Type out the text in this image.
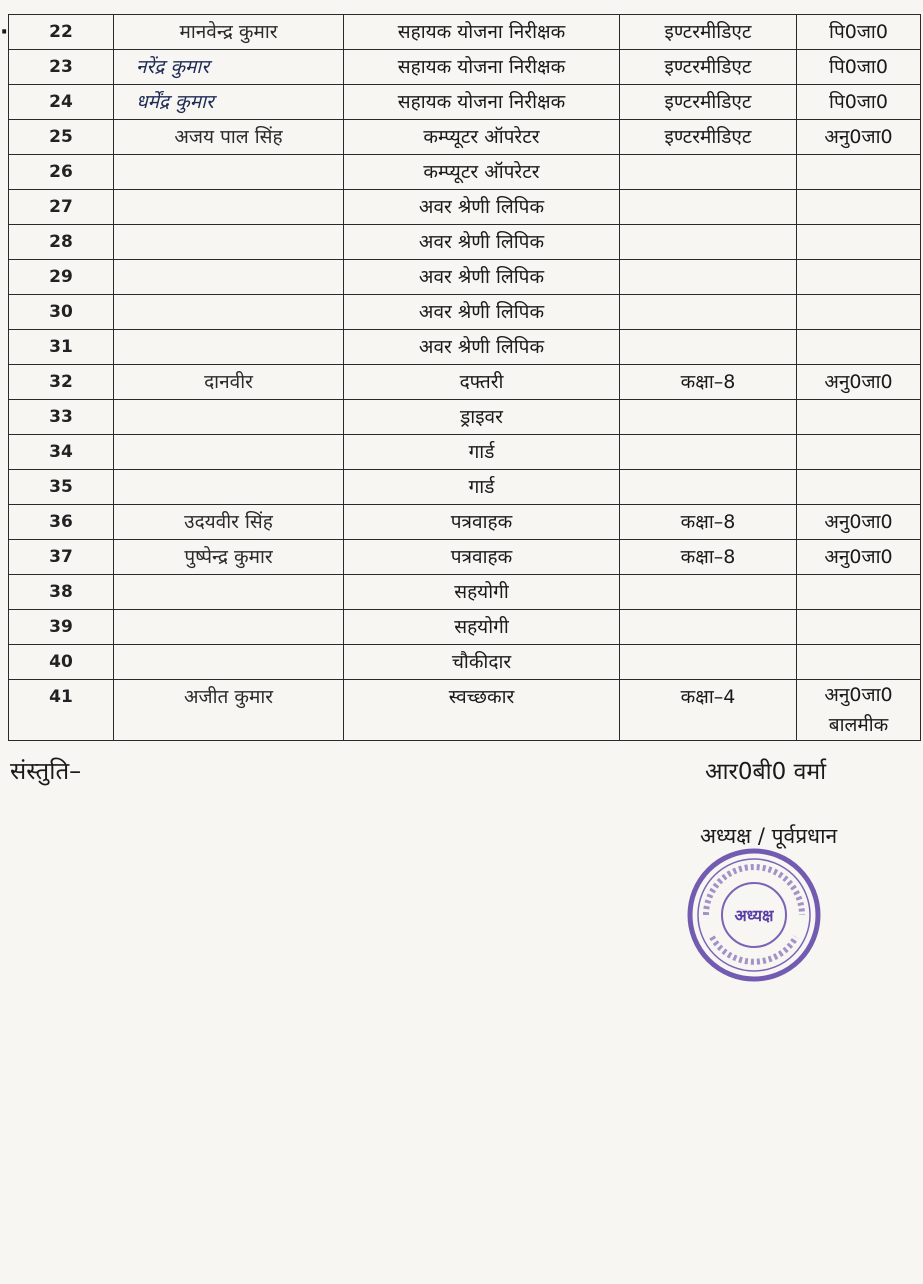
· 22	मानवेन्द्र कुमार	सहायक योजना निरीक्षक	इण्टरमीडिएट	पि0जा0
23	नरेंद्र कुमार	सहायक योजना निरीक्षक	इण्टरमीडिएट	पि0जा0
24	धर्मेंद्र कुमार	सहायक योजना निरीक्षक	इण्टरमीडिएट	पि0जा0
25	अजय पाल सिंह	कम्प्यूटर ऑपरेटर	इण्टरमीडिएट	अनु0जा0
26		कम्प्यूटर ऑपरेटर		
27		अवर श्रेणी लिपिक		
28		अवर श्रेणी लिपिक		
29		अवर श्रेणी लिपिक		
30		अवर श्रेणी लिपिक		
31		अवर श्रेणी लिपिक		
32	दानवीर	दफ्तरी	कक्षा–8	अनु0जा0
33		ड्राइवर		
34		गार्ड		
35		गार्ड		
36	उदयवीर सिंह	पत्रवाहक	कक्षा–8	अनु0जा0
37	पुष्पेन्द्र कुमार	पत्रवाहक	कक्षा–8	अनु0जा0
38		सहयोगी		
39		सहयोगी		
40		चौकीदार		
41	अजीत कुमार	स्वच्छकार	कक्षा–4	अनु0जा0
बालमीक
संस्तुति–	आर0बी0 वर्मा
अध्यक्ष / पूर्वप्रधान
अध्यक्ष
